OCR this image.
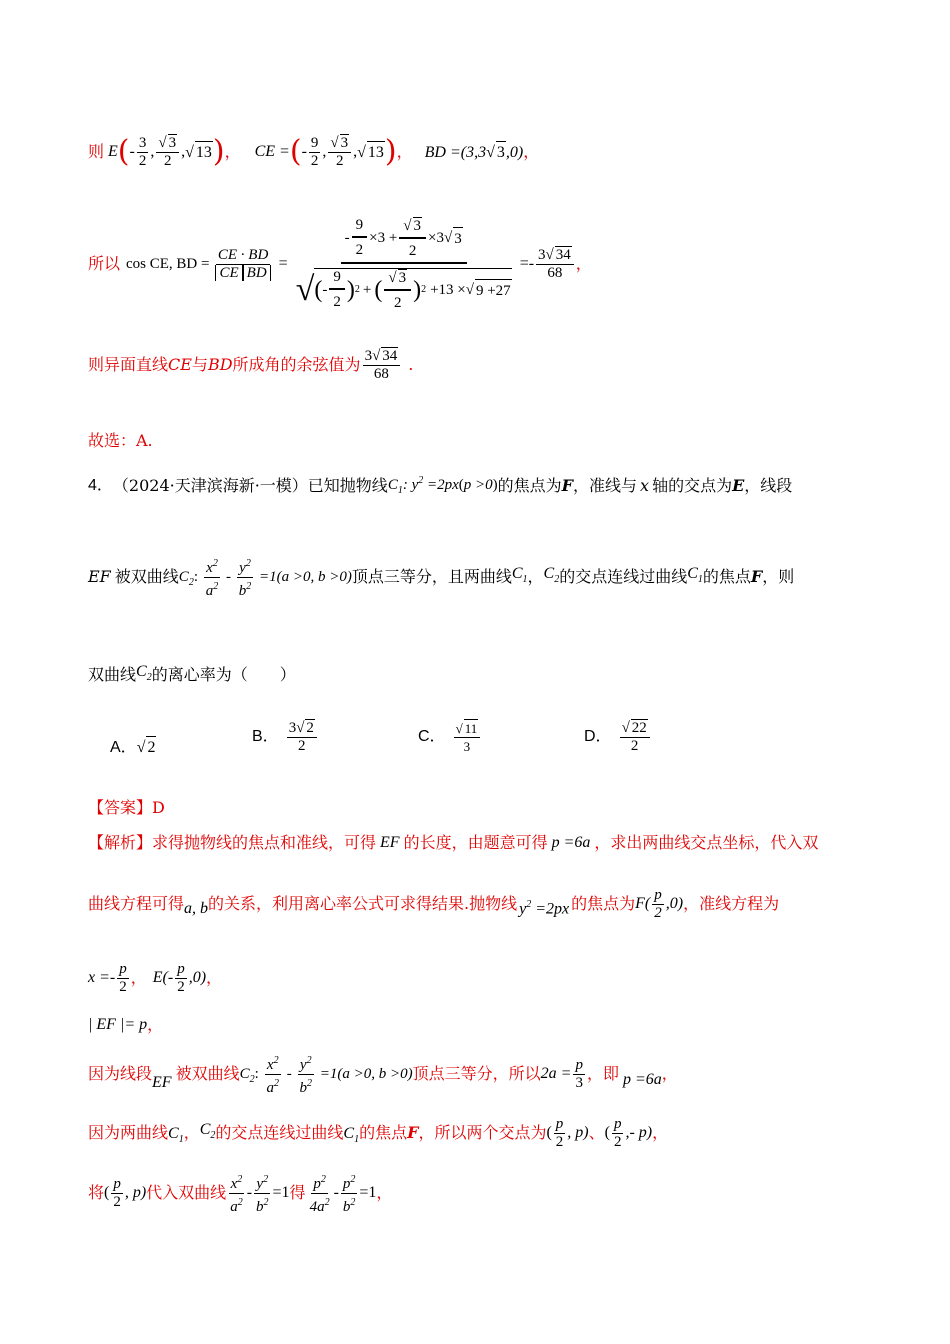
则 E ( - $\frac{3}{2}$ , $\frac{√ 3}{2}$ , √ 13 ) ， CE = ( - $\frac{9}{2}$ , $\frac{√ 3}{2}$ , √ 13 ) ， BD =(3,3√ 3,0) ，
所以 cos CE, BD = $\frac{CE \cdot BD}{\text{CE BD}}$ =
- $\frac{9}{2} \times 3 + \frac{√ 3}{2} \times 3$ √ 3
√ ( - $\frac{9}{2}$ ) 2 + ( $\frac{√ 3}{2}$ ) 2 +13 × √ 9 +27
=- $\frac{3√ 34}{68}$ ，
则异面直线 CE 与 BD 所成角的余弦值为 $\frac{3√ 34}{68}$ .
故选：A.
4． （2024·天津滨海新·一模）已知抛物线 $C_1$: $y^2 =2px(p >0)$ 的焦点为 F ，准线与 x 轴的交点为 E ，线段
EF 被双曲线 $C_2$: $\frac{x^2}{a^2} - \frac{y^2}{b^2} =1(a >0$, b >0) 顶点三等分，且两曲线 $C_1$ ， $C_2$ 的交点连线过曲线 $C_1$ 的焦点 F ，则
双曲线 $C_2$ 的离心率为（　　）
A． √ 2
B． $\frac{3√ 2}{2}$	C． $\frac{√ 11}{3}$	D． $\frac{√ 22}{2}$
【答案】D
【解析】 求得抛物线的焦点和准线，可得 EF 的长度，由题意可得 p =6a ，求出两曲线交点坐标，代入双
曲线方程可得 a, b 的关系，利用离心率公式可求得结果.抛物线 $y^2 =2px$ 的焦点为 $F( \frac{p}{2} ,0)$ ，准线方程为
$x =- \frac{p}{2}$ ， $E(- \frac{p}{2} ,0)$ ，
| EF |= p ，
因为线段 EF 被双曲线 $C_2$: $\frac{x^2}{a^2} - \frac{y^2}{b^2} =1(a >0$, b >0) 顶点三等分，所以 $2a = \frac{p}{3}$ ，即 p =6a ，
因为两曲线 $C_1$ ， $C_2$ 的交点连线过曲线 $C_1$ 的焦点 F ，所以两个交点为 ( $\frac{p}{2}$ , p) 、 ( $\frac{p}{2}$ ,- p) ，
将 ( $\frac{p}{2}$ , p) 代入双曲线 $\frac{x^2}{a^2} - \frac{y^2}{b^2} =1$ 得 $\frac{p^2}{4a^2} - \frac{p^2}{b^2} =1$ ，
